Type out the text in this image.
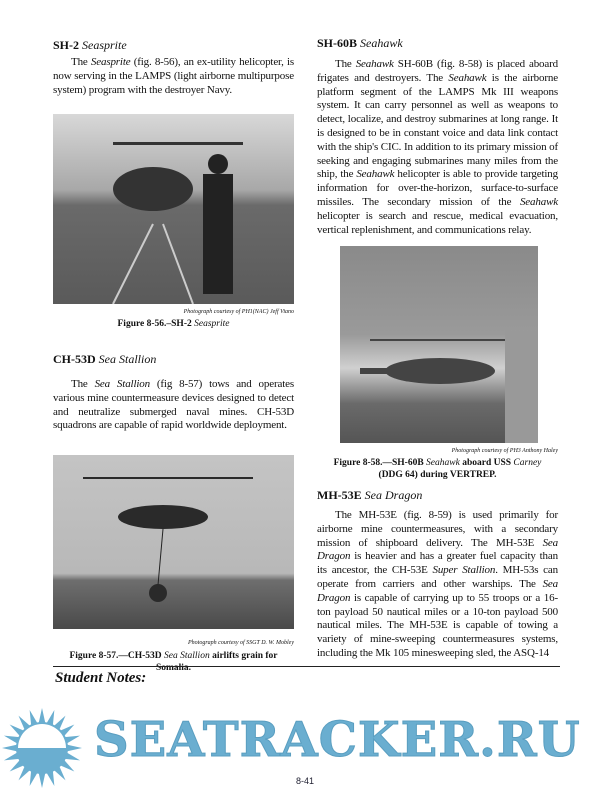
SH-2 Seasprite
The Seasprite (fig. 8-56), an ex-utility helicopter, is now serving in the LAMPS (light airborne multipurpose system) program with the destroyer Navy.
Photograph courtesy of PH1(NAC) Jeff Viano
Figure 8-56.–SH-2 Seasprite
CH-53D Sea Stallion
The Sea Stallion (fig 8-57) tows and operates various mine countermeasure devices designed to detect and neutralize submerged naval mines. CH-53D squadrons are capable of rapid worldwide deployment.
Photograph courtesy of SSGT D. W. Mobley
Figure 8-57.—CH-53D Sea Stallion airlifts grain for Somalia.
SH-60B Seahawk
The Seahawk SH-60B (fig. 8-58) is placed aboard frigates and destroyers. The Seahawk is the airborne platform segment of the LAMPS Mk III weapons system. It can carry personnel as well as weapons to detect, localize, and destroy submarines at long range. It is designed to be in constant voice and data link contact with the ship's CIC. In addition to its primary mission of seeking and engaging submarines many miles from the ship, the Seahawk helicopter is able to provide targeting information for over-the-horizon, surface-to-surface missiles. The secondary mission of the Seahawk helicopter is search and rescue, medical evacuation, vertical replenishment, and communications relay.
Photograph courtesy of PH3 Anthony Haley
Figure 8-58.—SH-60B Seahawk aboard USS Carney
(DDG 64) during VERTREP.
MH-53E Sea Dragon
The MH-53E (fig. 8-59) is used primarily for airborne mine countermeasures, with a secondary mission of shipboard delivery. The MH-53E Sea Dragon is heavier and has a greater fuel capacity than its ancestor, the CH-53E Super Stallion. MH-53s can operate from carriers and other warships. The Sea Dragon is capable of carrying up to 55 troops or a 16-ton payload 50 nautical miles or a 10-ton payload 500 nautical miles. The MH-53E is capable of towing a variety of mine-sweeping countermeasures systems, including the Mk 105 minesweeping sled, the ASQ-14
Student Notes:
SEATRACKER.RU
8-41
